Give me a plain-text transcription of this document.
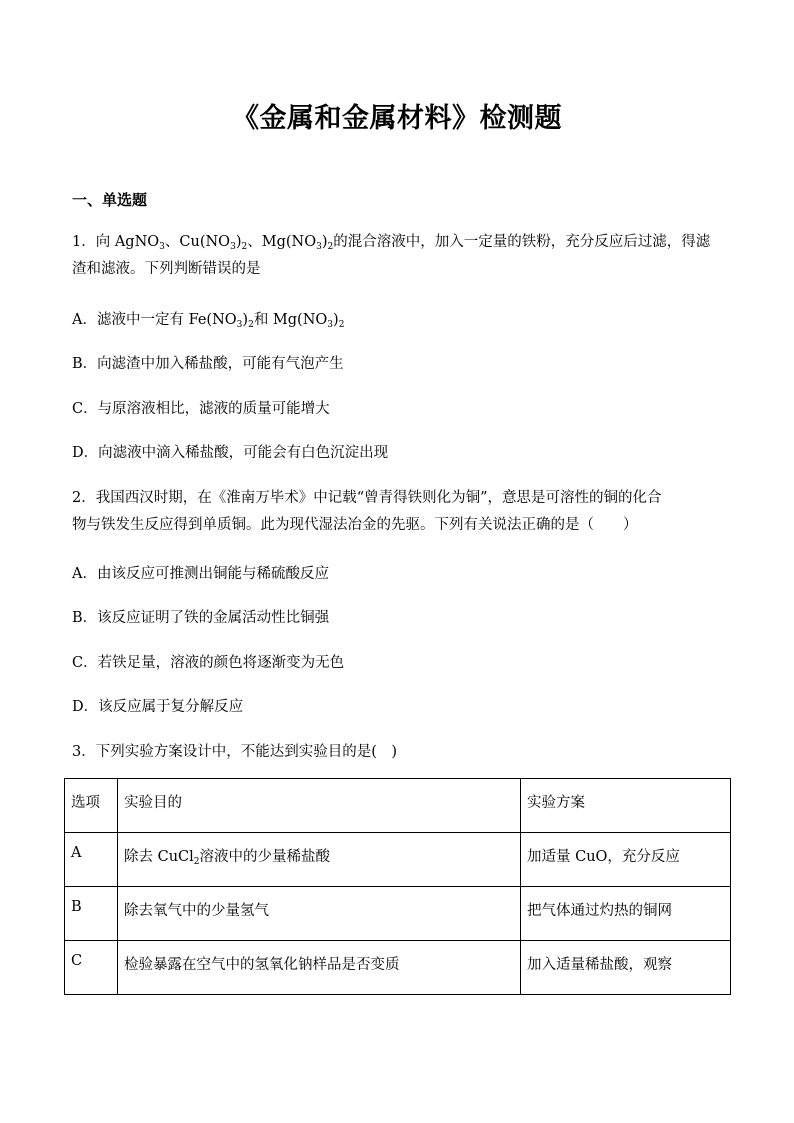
《金属和金属材料》检测题
一、单选题
1．向 AgNO$_3$、$Cu(NO_3)_2$、$Mg(NO_3)_2$的混合溶液中，加入一定量的铁粉，充分反应后过滤，得滤
渣和滤液。下列判断错误的是
A．滤液中一定有 $Fe(NO_3)_2$和 $Mg(NO_3)_2$
B．向滤渣中加入稀盐酸，可能有气泡产生
C．与原溶液相比，滤液的质量可能增大
D．向滤液中滴入稀盐酸，可能会有白色沉淀出现
2．我国西汉时期，在《淮南万毕术》中记载“曾青得铁则化为铜”，意思是可溶性的铜的化合
物与铁发生反应得到单质铜。此为现代湿法冶金的先驱。下列有关说法正确的是（　　）
A．由该反应可推测出铜能与稀硫酸反应
B．该反应证明了铁的金属活动性比铜强
C．若铁足量，溶液的颜色将逐渐变为无色
D．该反应属于复分解反应
3．下列实验方案设计中，不能达到实验目的是(　)
选项	实验目的	实验方案
A	除去 CuCl$_2$溶液中的少量稀盐酸	加适量 CuO，充分反应
B	除去氧气中的少量氢气	把气体通过灼热的铜网
C	检验暴露在空气中的氢氧化钠样品是否变质	加入适量稀盐酸，观察
